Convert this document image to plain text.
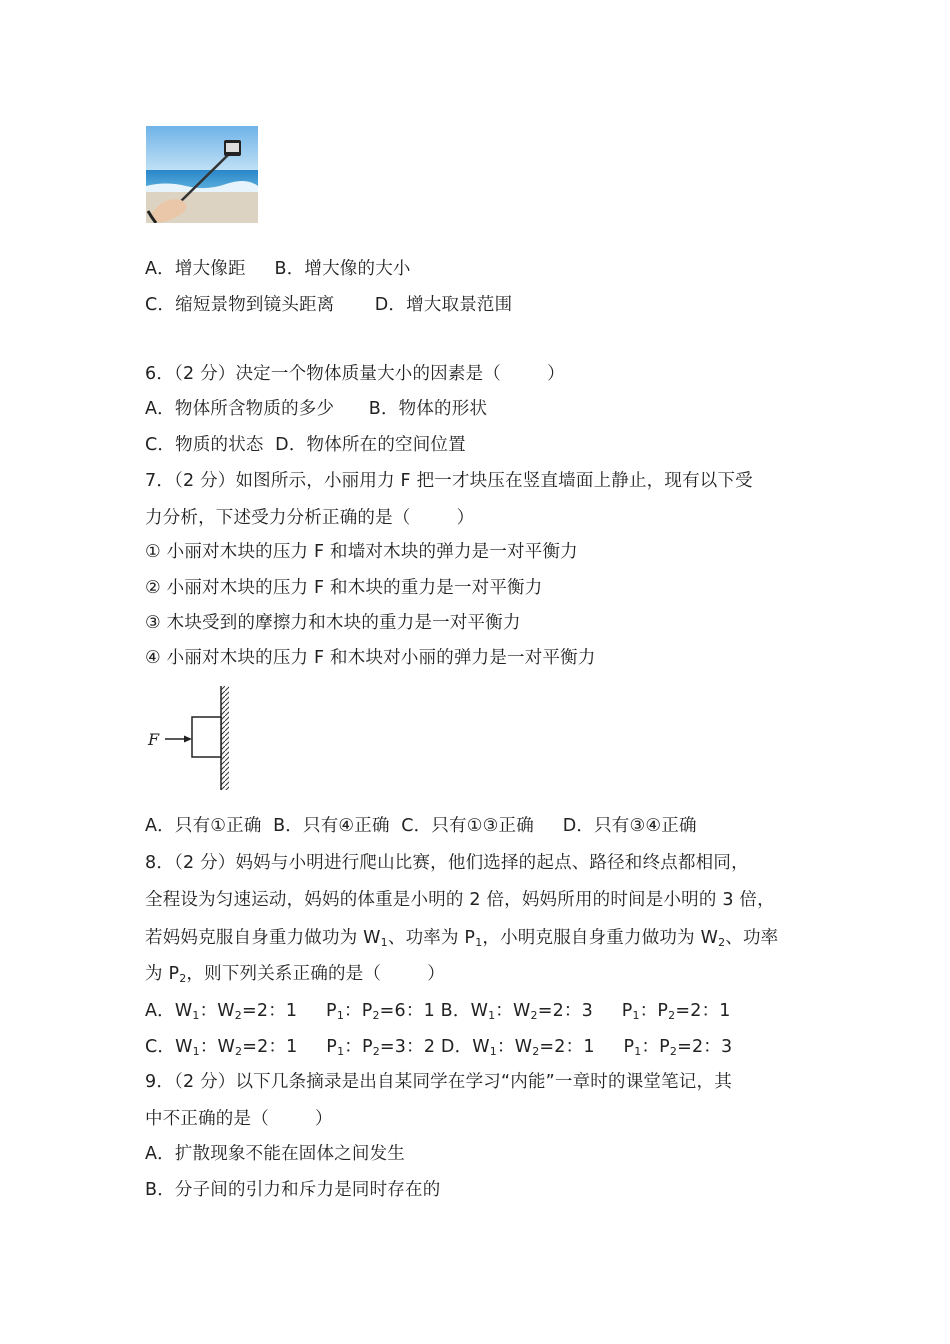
A．增大像距     B．增大像的大小
C．缩短景物到镜头距离       D．增大取景范围
6．（2 分）决定一个物体质量大小的因素是（        ）
A．物体所含物质的多少      B．物体的形状
C．物质的状态  D．物体所在的空间位置
7．（2 分）如图所示，小丽用力 F 把一才块压在竖直墙面上静止，现有以下受
力分析，下述受力分析正确的是（        ）
① 小丽对木块的压力 F 和墙对木块的弹力是一对平衡力
② 小丽对木块的压力 F 和木块的重力是一对平衡力
③ 木块受到的摩擦力和木块的重力是一对平衡力
④ 小丽对木块的压力 F 和木块对小丽的弹力是一对平衡力
F
A．只有①正确  B．只有④正确  C．只有①③正确     D．只有③④正确
8．（2 分）妈妈与小明进行爬山比赛，他们选择的起点、路径和终点都相同，
全程设为匀速运动，妈妈的体重是小明的 2 倍，妈妈所用的时间是小明的 3 倍，
若妈妈克服自身重力做功为 $W_1$、功率为 $P_1$，小明克服自身重力做功为 $W_2$、功率
为 $P_2$，则下列关系正确的是（        ）
A．$W_1$：$W_2=2$：1     $P_1$：$P_2=6$：1 B．$W_1$：$W_2=2$：3     $P_1$：$P_2=2$：1
C．$W_1$：$W_2=2$：1     $P_1$：$P_2=3$：2 D．$W_1$：$W_2=2$：1     $P_1$：$P_2=2$：3
9．（2 分）以下几条摘录是出自某同学在学习“内能”一章时的课堂笔记，其
中不正确的是（        ）
A．扩散现象不能在固体之间发生
B．分子间的引力和斥力是同时存在的
